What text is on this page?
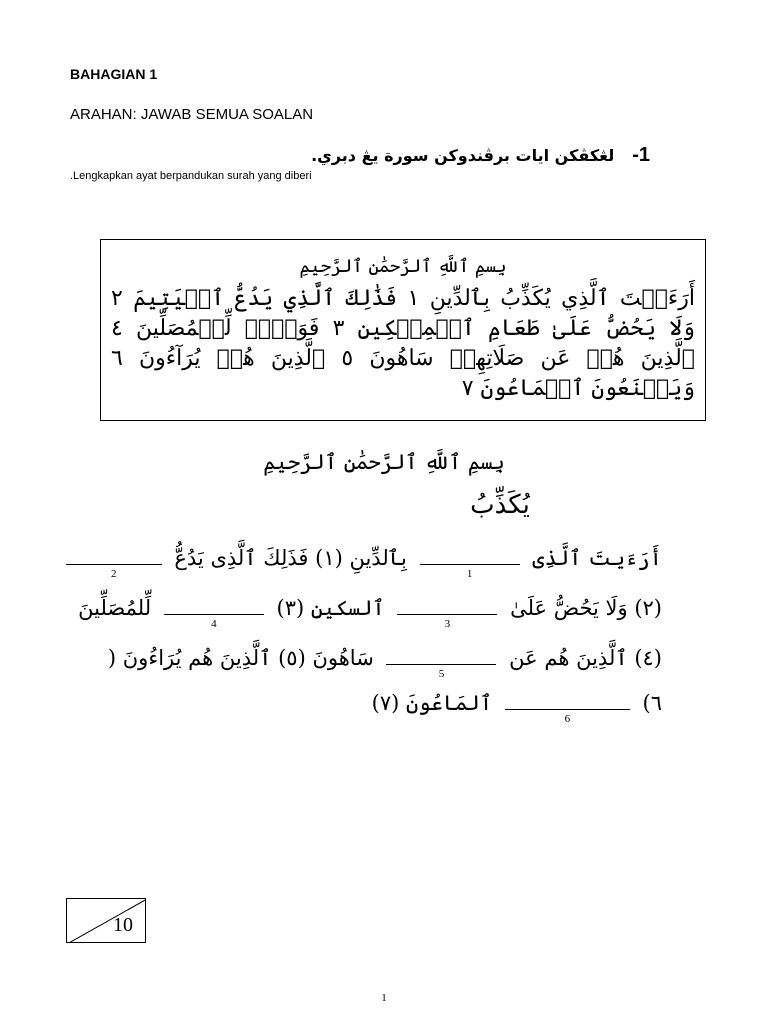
BAHAGIAN 1
ARAHAN: JAWAB SEMUA SOALAN
لڠكڤكن ايات برڤندوكن سورة يڠ دبري. -1
.Lengkapkan ayat berpandukan surah yang diberi
بِسمِ ٱللَّهِ ٱلرَّحمَٰنِ ٱلرَّحِيمِ
أَرَءَيۡتَ ٱلَّذِي يُكَذِّبُ بِٱلدِّينِ ١ فَذَٰلِكَ ٱلَّذِي يَدُعُّ ٱلۡيَتِيمَ ٢ وَلَا يَحُضُّ عَلَىٰ طَعَامِ ٱلۡمِسۡكِينِ ٣ فَوَيۡلٞ لِّلۡمُصَلِّينَ ٤ ٱلَّذِينَ هُمۡ عَن صَلَاتِهِمۡ سَاهُونَ ٥ ٱلَّذِينَ هُمۡ يُرَآءُونَ ٦ وَيَمۡنَعُونَ ٱلۡمَاعُونَ ٧
بِسمِ ٱللَّهِ ٱلرَّحمَٰنِ ٱلرَّحِيمِ
يُكَذِّبُ
أَرَءَيتَ ٱلَّذِى
1
بِٱلدِّينِ (١) فَذَلِكَ ٱلَّذِى يَدُعُّ
2
(٢) وَلَا يَحُضُّ عَلَىٰ
3
ٱلسكينِ (٣)
4
لِّلمُصَلِّينَ
(٤) ٱلَّذِينَ هُم عَن
5
سَاهُونَ (٥) ٱلَّذِينَ هُم يُرَاءُونَ (
٦)
6
ٱلمَاعُونَ (٧)
10
1
